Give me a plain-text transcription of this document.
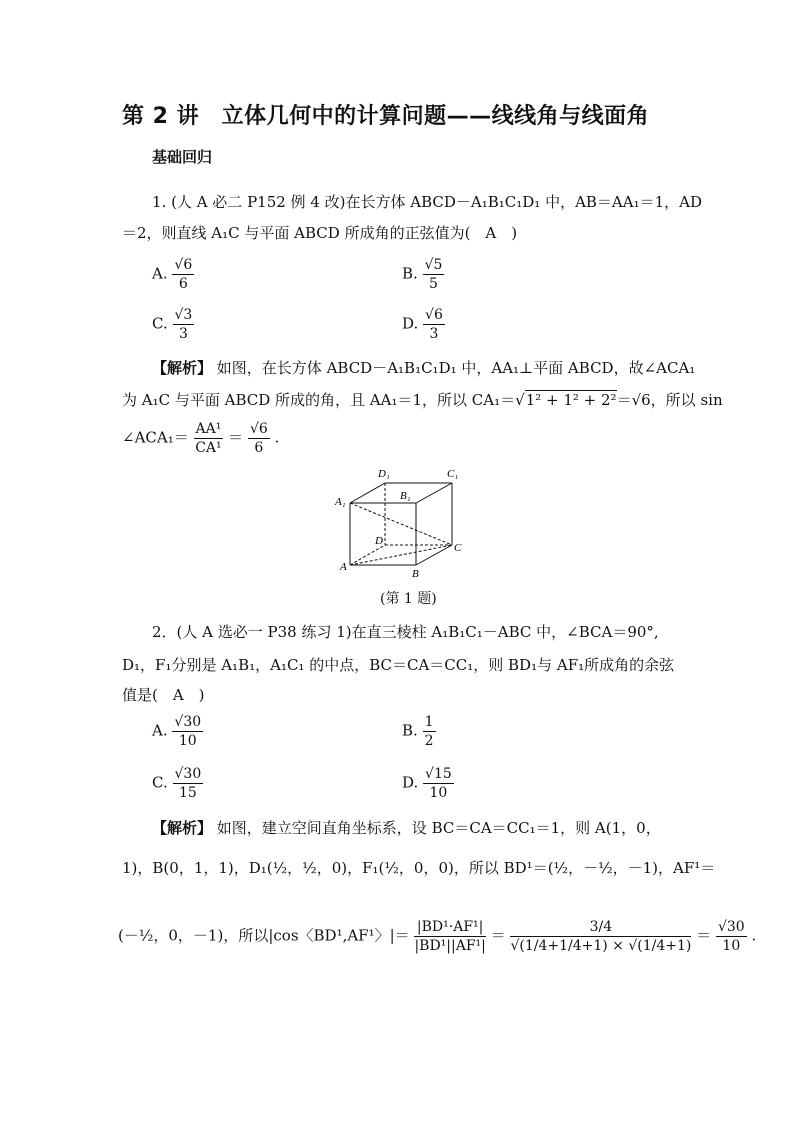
第 2 讲　立体几何中的计算问题——线线角与线面角
基础回归
1. (人 A 必二 P152 例 4 改)在长方体 ABCD－A₁B₁C₁D₁ 中，AB＝AA₁＝1，AD
＝2，则直线 A₁C 与平面 ABCD 所成角的正弦值为(　A　)
A. $\frac{√6}{6}$	B. $\frac{√5}{5}$
C. $\frac{√3}{3}$	D. $\frac{√6}{3}$
【解析】 如图，在长方体 ABCD－A₁B₁C₁D₁ 中，AA₁⊥平面 ABCD，故∠ACA₁
为 A₁C 与平面 ABCD 所成的角，且 AA₁＝1，所以 CA₁＝√1² + 1² + 2²＝√6，所以 sin
∠ACA₁＝ $\frac{\text{AA¹}}{\text{CA¹}} = \frac{√6}{6}$ .
D₁	C₁
A₁	B₁
D
C
A
B
(第 1 题)
2．(人 A 选必一 P38 练习 1)在直三棱柱 A₁B₁C₁－ABC 中，∠BCA＝90°,
D₁，F₁分别是 A₁B₁，A₁C₁ 的中点，BC＝CA＝CC₁，则 BD₁与 AF₁所成角的余弦
值是(　A　)
A. $\frac{√30}{10}$	B. $\frac{1}{2}$
C. $\frac{√30}{15}$	D. $\frac{√15}{10}$
【解析】 如图，建立空间直角坐标系，设 BC＝CA＝CC₁＝1，则 A(1，0，
1)，B(0，1，1)，D₁(½，½，0)，F₁(½，0，0)，所以 BD¹＝(½，－½，－1)，AF¹＝
(－½，0，－1)，所以|cos〈BD¹,AF¹〉|＝ $\frac{\text{|BD¹·AF¹|}}{\text{|BD¹||AF¹|}} = \frac{3/4}{√(1/4+1/4+1) \times √(1/4+1)} = \frac{√30}{10}$ .
